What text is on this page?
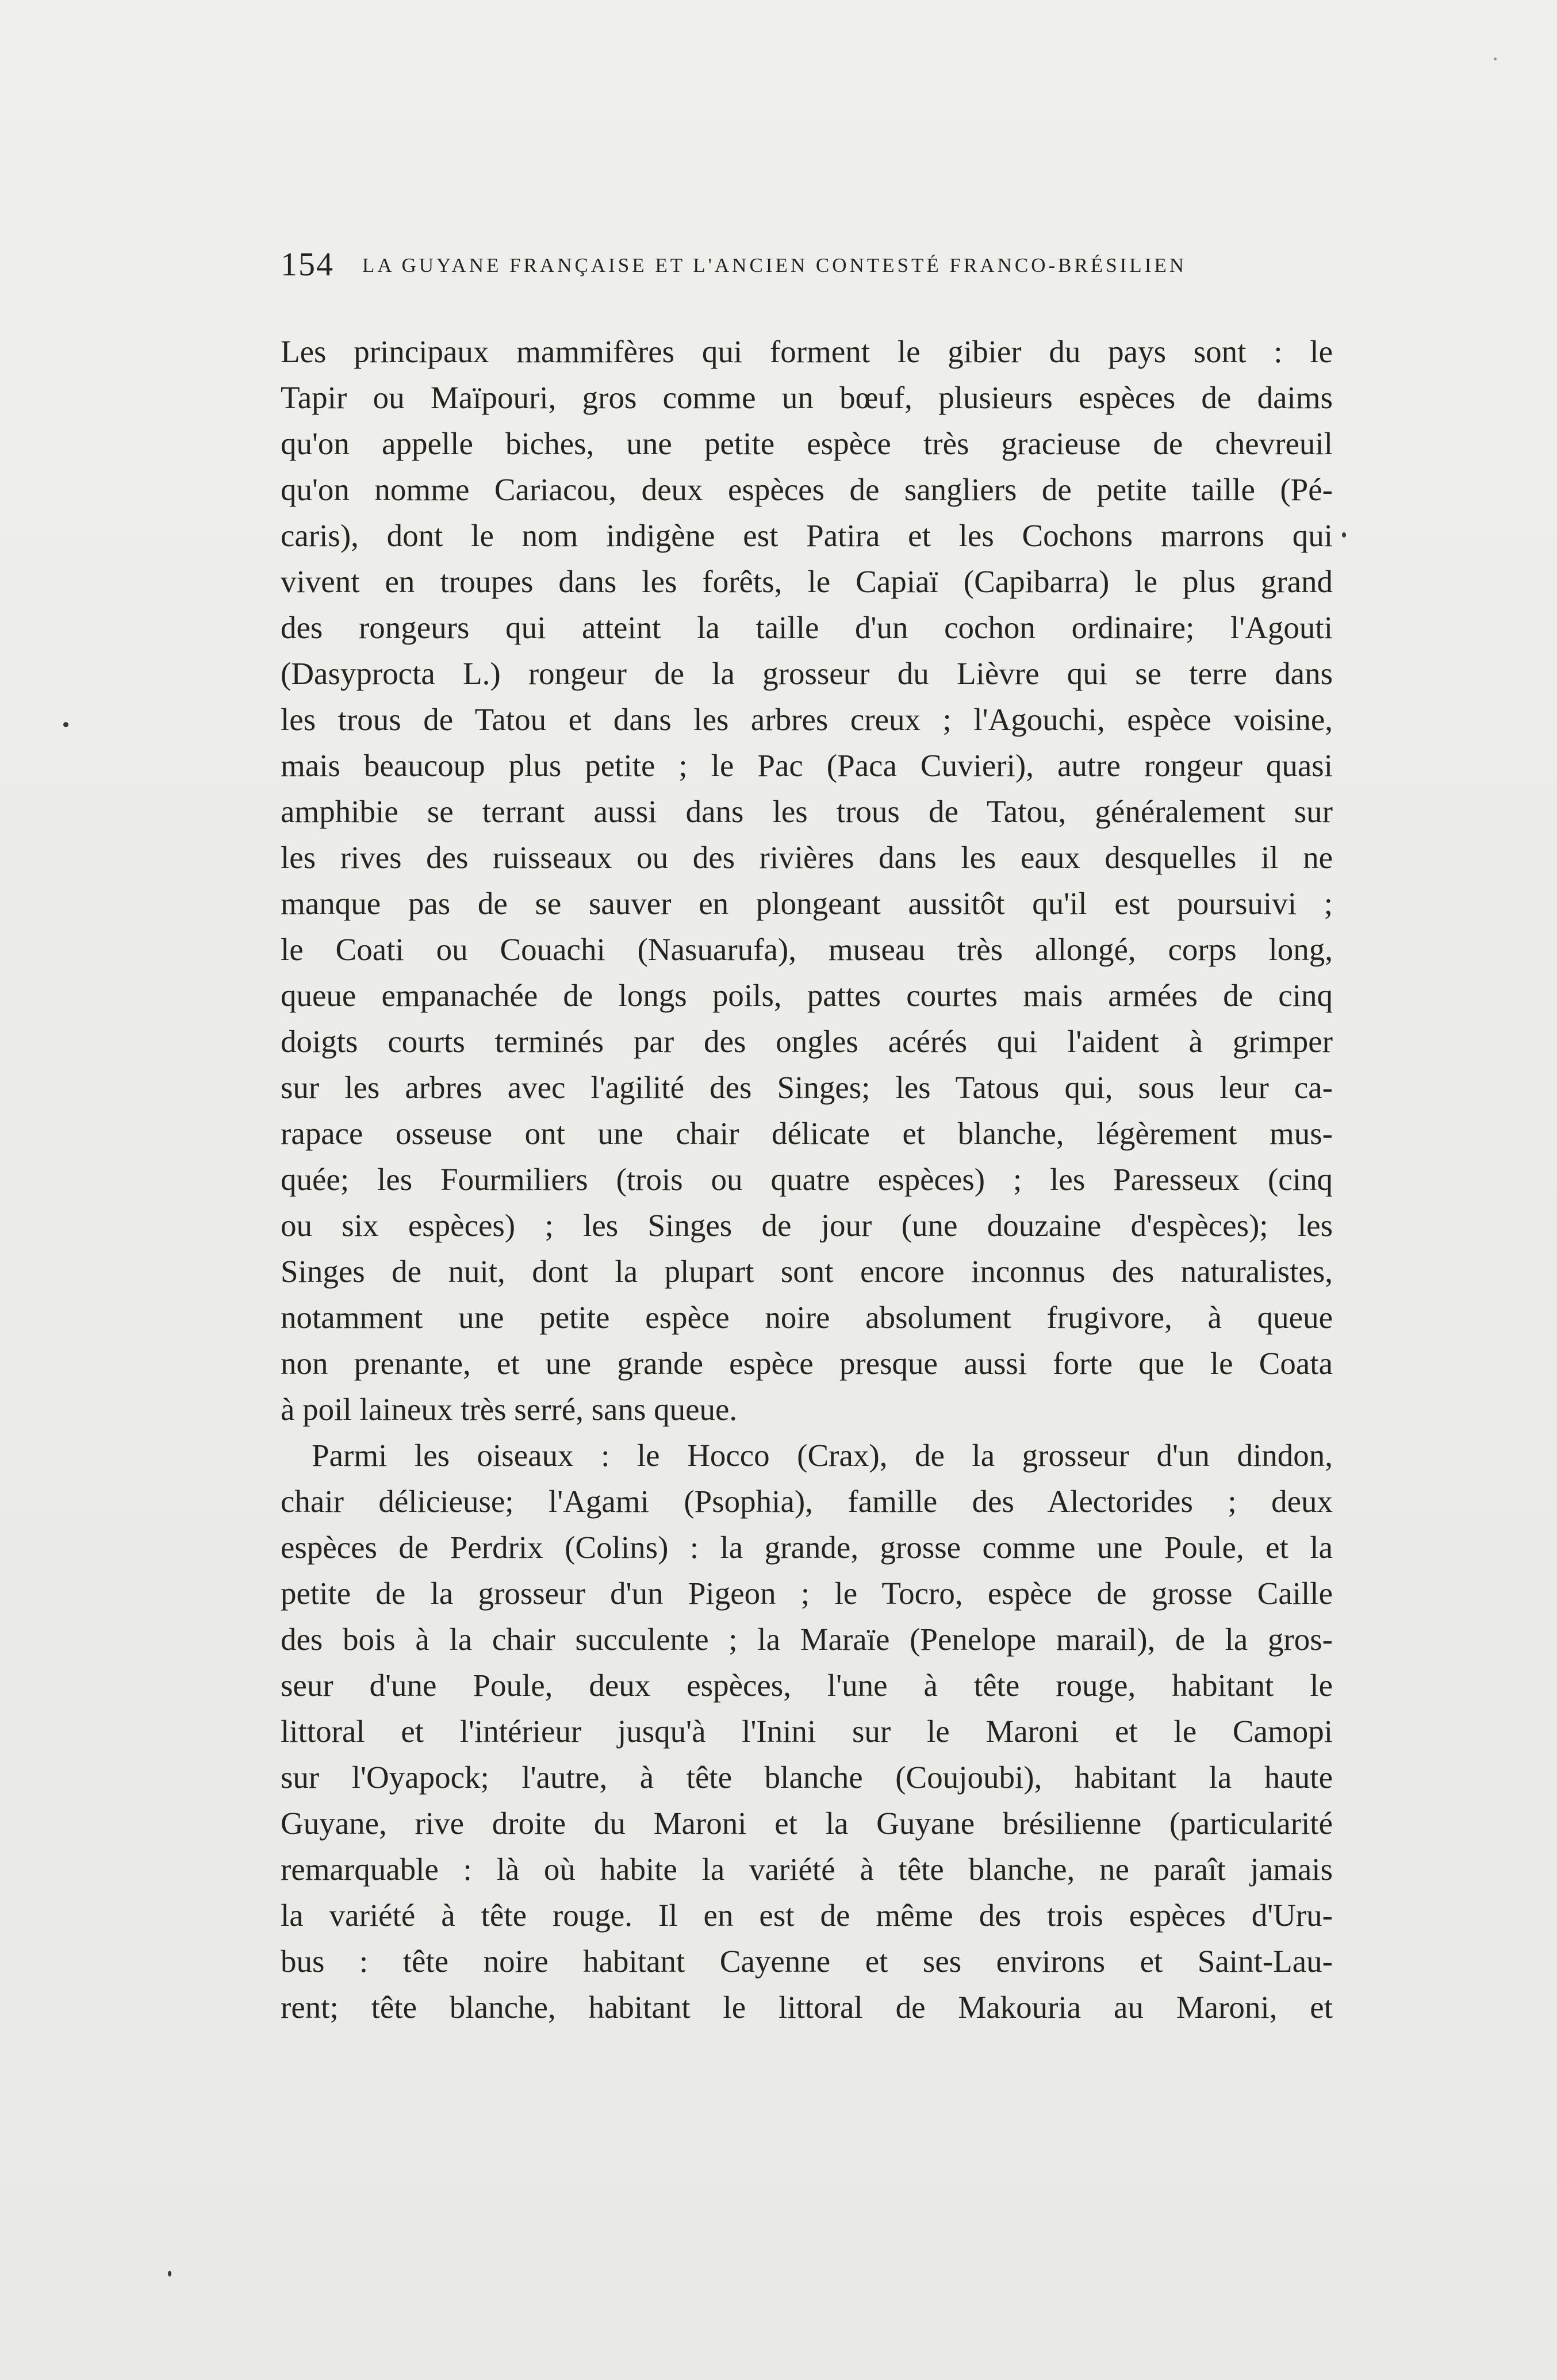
154 LA GUYANE FRANÇAISE ET L'ANCIEN CONTESTÉ FRANCO-BRÉSILIEN
Les principaux mammifères qui forment le gibier du pays sont : le
Tapir ou Maïpouri, gros comme un bœuf, plusieurs espèces de daims
qu'on appelle biches, une petite espèce très gracieuse de chevreuil
qu'on nomme Cariacou, deux espèces de sangliers de petite taille (Pé-
caris), dont le nom indigène est Patira et les Cochons marrons qui
vivent en troupes dans les forêts, le Capiaï (Capibarra) le plus grand
des rongeurs qui atteint la taille d'un cochon ordinaire; l'Agouti
(Dasyprocta L.) rongeur de la grosseur du Lièvre qui se terre dans
les trous de Tatou et dans les arbres creux ; l'Agouchi, espèce voisine,
mais beaucoup plus petite ; le Pac (Paca Cuvieri), autre rongeur quasi
amphibie se terrant aussi dans les trous de Tatou, généralement sur
les rives des ruisseaux ou des rivières dans les eaux desquelles il ne
manque pas de se sauver en plongeant aussitôt qu'il est poursuivi ;
le Coati ou Couachi (Nasuarufa), museau très allongé, corps long,
queue empanachée de longs poils, pattes courtes mais armées de cinq
doigts courts terminés par des ongles acérés qui l'aident à grimper
sur les arbres avec l'agilité des Singes; les Tatous qui, sous leur ca-
rapace osseuse ont une chair délicate et blanche, légèrement mus-
quée; les Fourmiliers (trois ou quatre espèces) ; les Paresseux (cinq
ou six espèces) ; les Singes de jour (une douzaine d'espèces); les
Singes de nuit, dont la plupart sont encore inconnus des naturalistes,
notamment une petite espèce noire absolument frugivore, à queue
non prenante, et une grande espèce presque aussi forte que le Coata
à poil laineux très serré, sans queue.
Parmi les oiseaux : le Hocco (Crax), de la grosseur d'un dindon,
chair délicieuse; l'Agami (Psophia), famille des Alectorides ; deux
espèces de Perdrix (Colins) : la grande, grosse comme une Poule, et la
petite de la grosseur d'un Pigeon ; le Tocro, espèce de grosse Caille
des bois à la chair succulente ; la Maraïe (Penelope marail), de la gros-
seur d'une Poule, deux espèces, l'une à tête rouge, habitant le
littoral et l'intérieur jusqu'à l'Inini sur le Maroni et le Camopi
sur l'Oyapock; l'autre, à tête blanche (Coujoubi), habitant la haute
Guyane, rive droite du Maroni et la Guyane brésilienne (particularité
remarquable : là où habite la variété à tête blanche, ne paraît jamais
la variété à tête rouge. Il en est de même des trois espèces d'Uru-
bus : tête noire habitant Cayenne et ses environs et Saint-Lau-
rent; tête blanche, habitant le littoral de Makouria au Maroni, et
